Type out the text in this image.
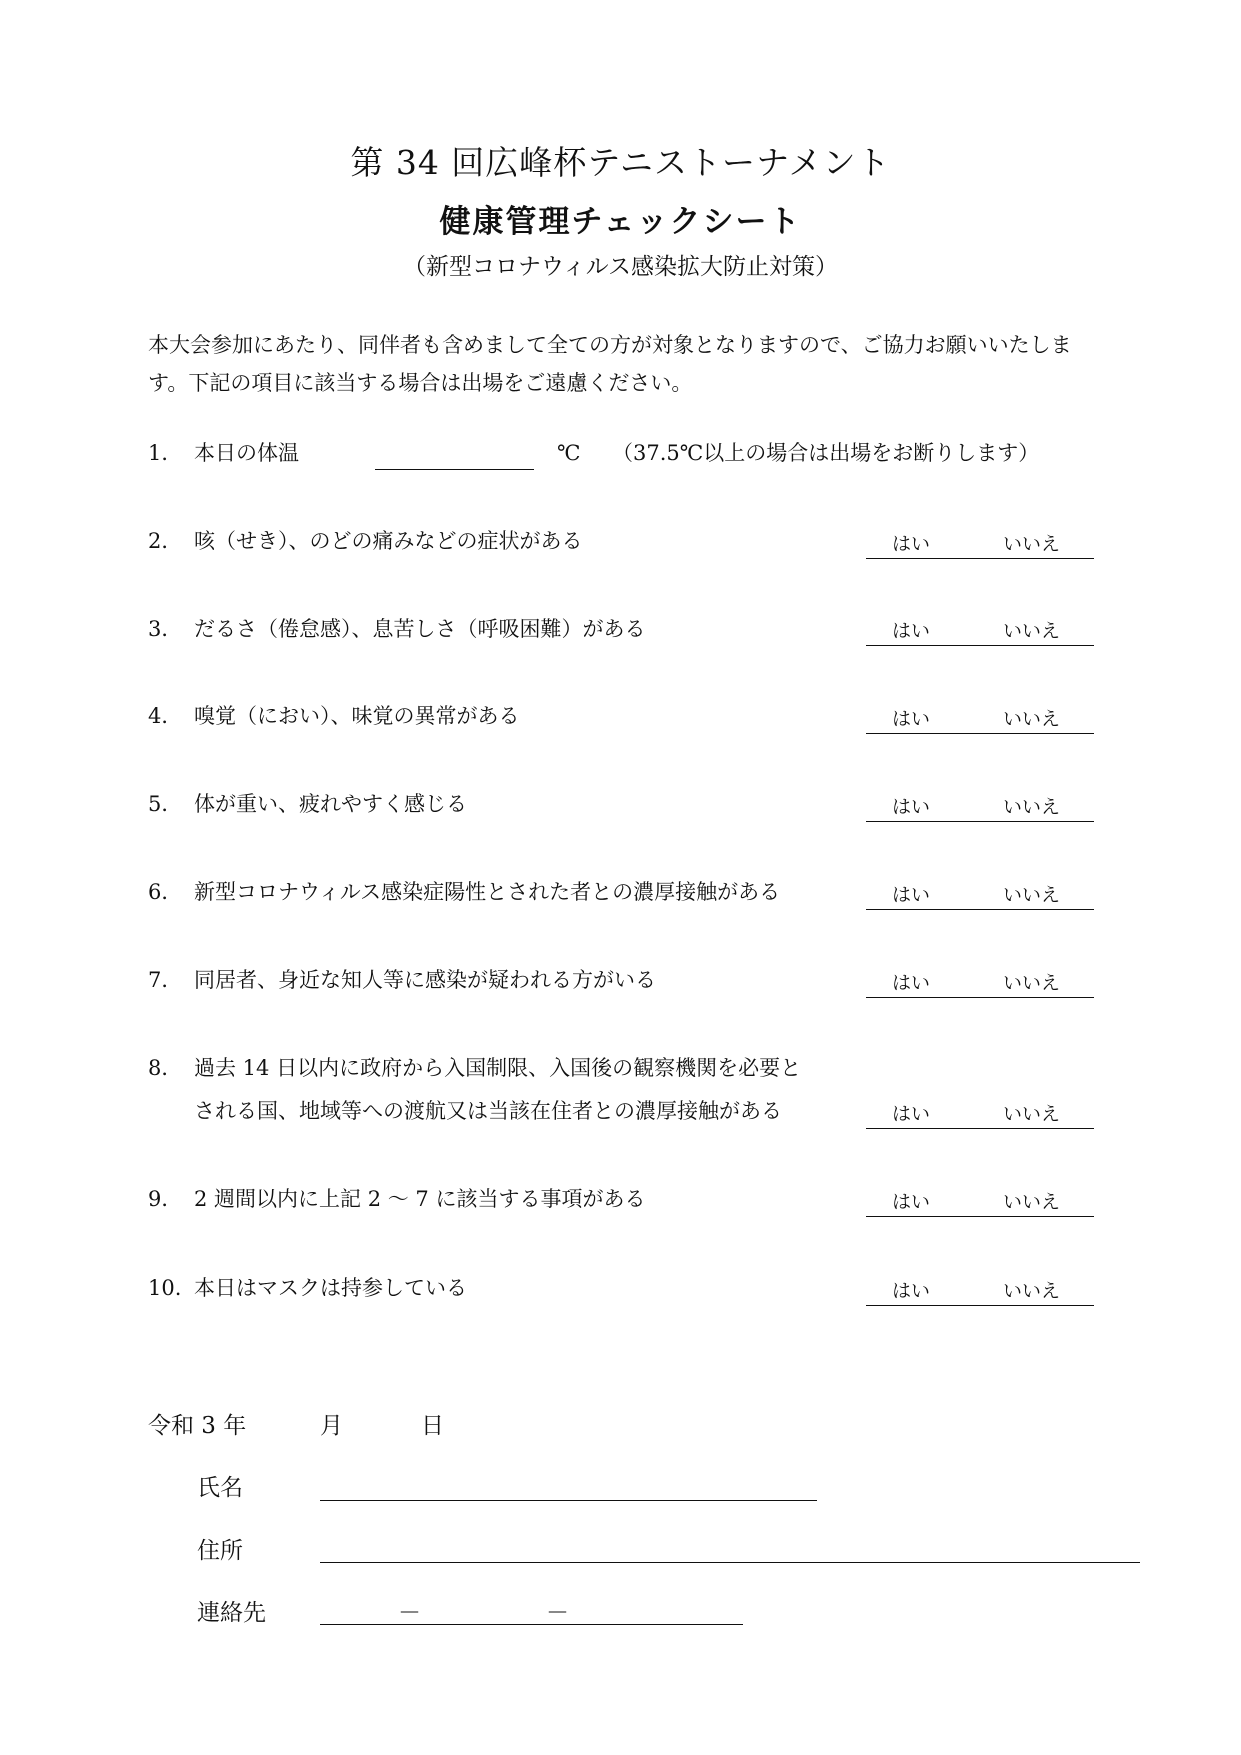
第 34 回広峰杯テニストーナメント
健康管理チェックシート
（新型コロナウィルス感染拡大防止対策）
本大会参加にあたり、同伴者も含めまして全ての方が対象となりますので、ご協力お願いいたしま
す。下記の項目に該当する場合は出場をご遠慮ください。
1． 本日の体温	℃ （37.5℃以上の場合は出場をお断りします）
2． 咳（せき）、のどの痛みなどの症状がある	はい	いいえ
3． だるさ（倦怠感）、息苦しさ（呼吸困難）がある	はい	いいえ
4． 嗅覚（におい）、味覚の異常がある	はい	いいえ
5． 体が重い、疲れやすく感じる	はい	いいえ
6． 新型コロナウィルス感染症陽性とされた者との濃厚接触がある	はい	いいえ
7． 同居者、身近な知人等に感染が疑われる方がいる	はい	いいえ
8． 過去 14 日以内に政府から入国制限、入国後の観察機関を必要と
される国、地域等への渡航又は当該在住者との濃厚接触がある	はい	いいえ
9． 2 週間以内に上記 2 〜 7 に該当する事項がある	はい	いいえ
10. 本日はマスクは持参している	はい	いいえ
令和 3 年	月	日
氏名
住所
連絡先	－	－
